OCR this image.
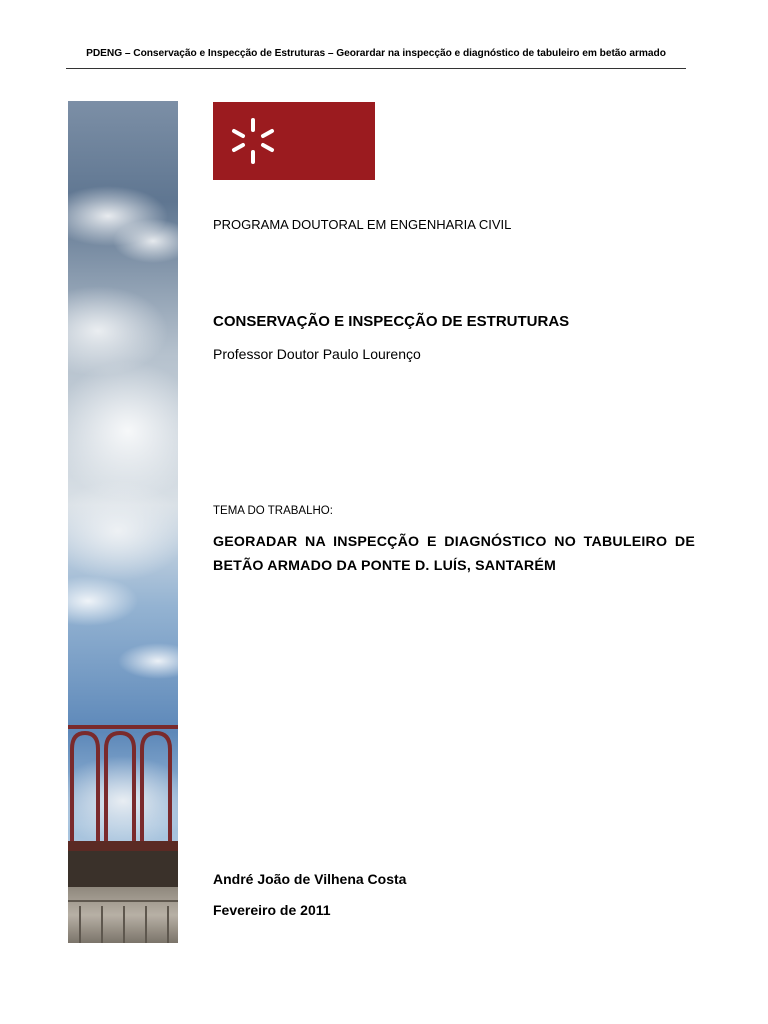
PDENG – Conservação e Inspecção de Estruturas – Georardar na inspecção e diagnóstico de tabuleiro em betão armado
PROGRAMA DOUTORAL EM ENGENHARIA CIVIL
CONSERVAÇÃO E INSPECÇÃO DE ESTRUTURAS
Professor Doutor Paulo Lourenço
TEMA DO TRABALHO:
GEORADAR NA INSPECÇÃO E DIAGNÓSTICO NO TABULEIRO DE BETÃO ARMADO DA PONTE D. LUÍS, SANTARÉM
André João de Vilhena Costa
Fevereiro de 2011
